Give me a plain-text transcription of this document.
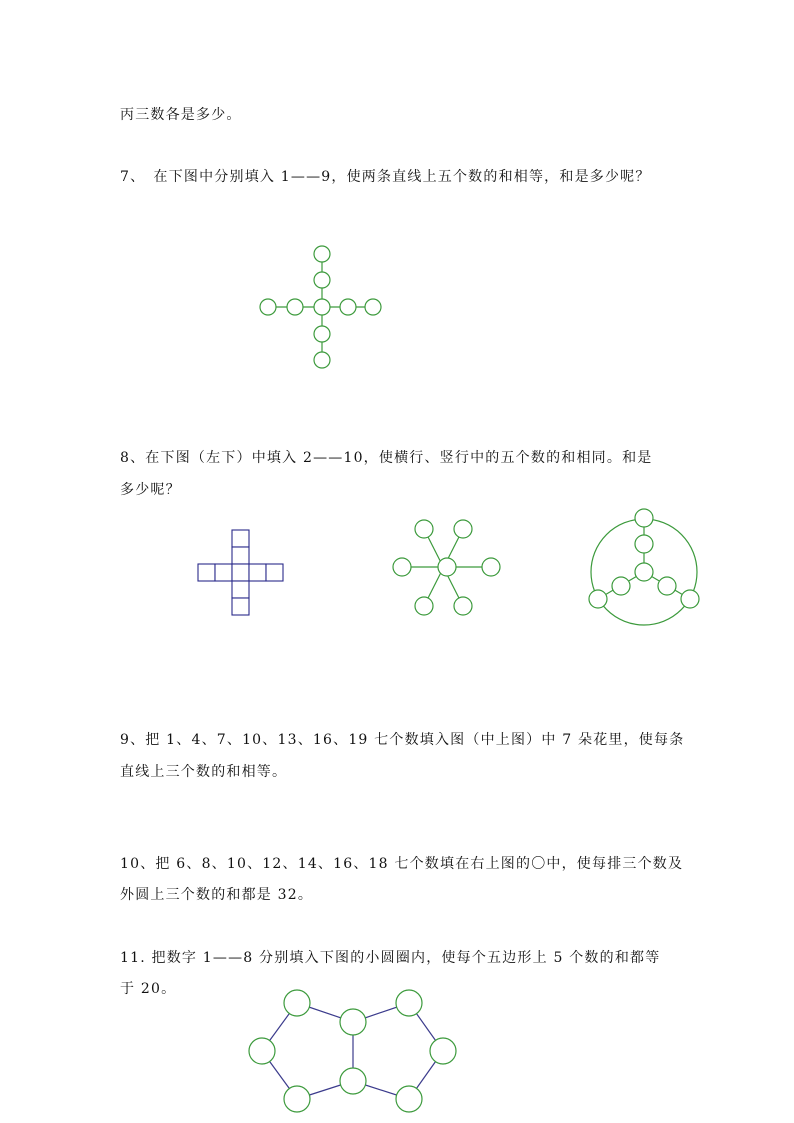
丙三数各是多少。
7、　在下图中分别填入 1——9，使两条直线上五个数的和相等，和是多少呢？
8、在下图（左下）中填入 2——10，使横行、竖行中的五个数的和相同。和是
多少呢？
9、把 1、4、7、10、13、16、19 七个数填入图（中上图）中 7 朵花里，使每条
直线上三个数的和相等。
10、把 6、8、10、12、14、16、18 七个数填在右上图的〇中，使每排三个数及
外圆上三个数的和都是 32。
11. 把数字 1——8 分别填入下图的小圆圈内，使每个五边形上 5 个数的和都等
于 20。
